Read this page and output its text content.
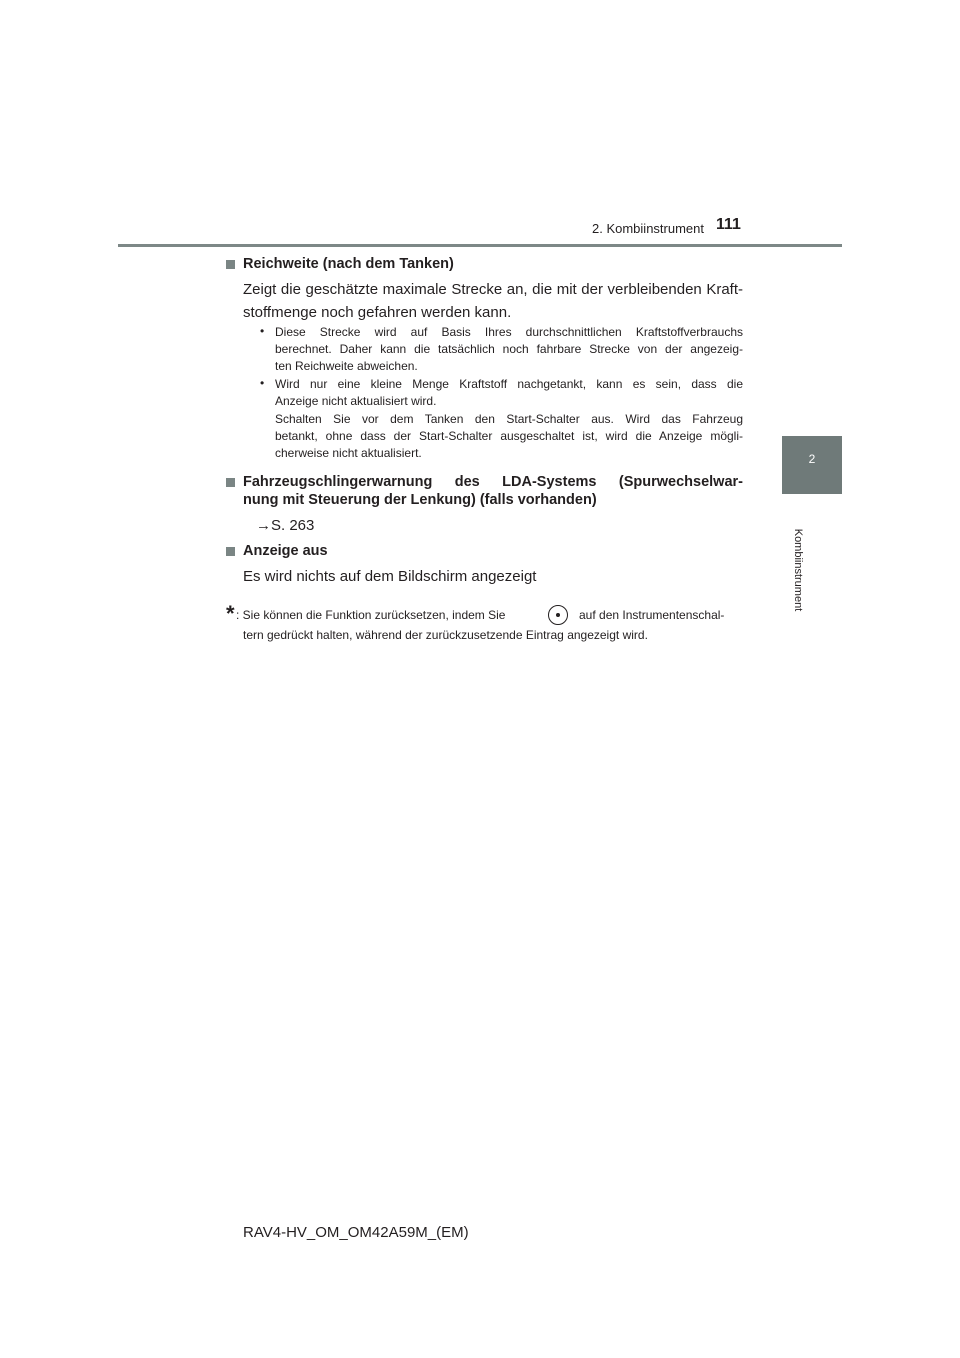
2. Kombiinstrument 111
2
Kombiinstrument
Reichweite (nach dem Tanken)
Zeigt die geschätzte maximale Strecke an, die mit der verbleibenden Kraft-
stoffmenge noch gefahren werden kann.
• Diese Strecke wird auf Basis Ihres durchschnittlichen Kraftstoffverbrauchs
berechnet. Daher kann die tatsächlich noch fahrbare Strecke von der angezeig-
ten Reichweite abweichen.
• Wird nur eine kleine Menge Kraftstoff nachgetankt, kann es sein, dass die
Anzeige nicht aktualisiert wird.
Schalten Sie vor dem Tanken den Start-Schalter aus. Wird das Fahrzeug
betankt, ohne dass der Start-Schalter ausgeschaltet ist, wird die Anzeige mögli-
cherweise nicht aktualisiert.
Fahrzeugschlingerwarnung des LDA-Systems (Spurwechselwar-
nung mit Steuerung der Lenkung) (falls vorhanden)
→S. 263
Anzeige aus
Es wird nichts auf dem Bildschirm angezeigt
* : Sie können die Funktion zurücksetzen, indem Sie	auf den Instrumentenschal-
tern gedrückt halten, während der zurückzusetzende Eintrag angezeigt wird.
RAV4-HV_OM_OM42A59M_(EM)
